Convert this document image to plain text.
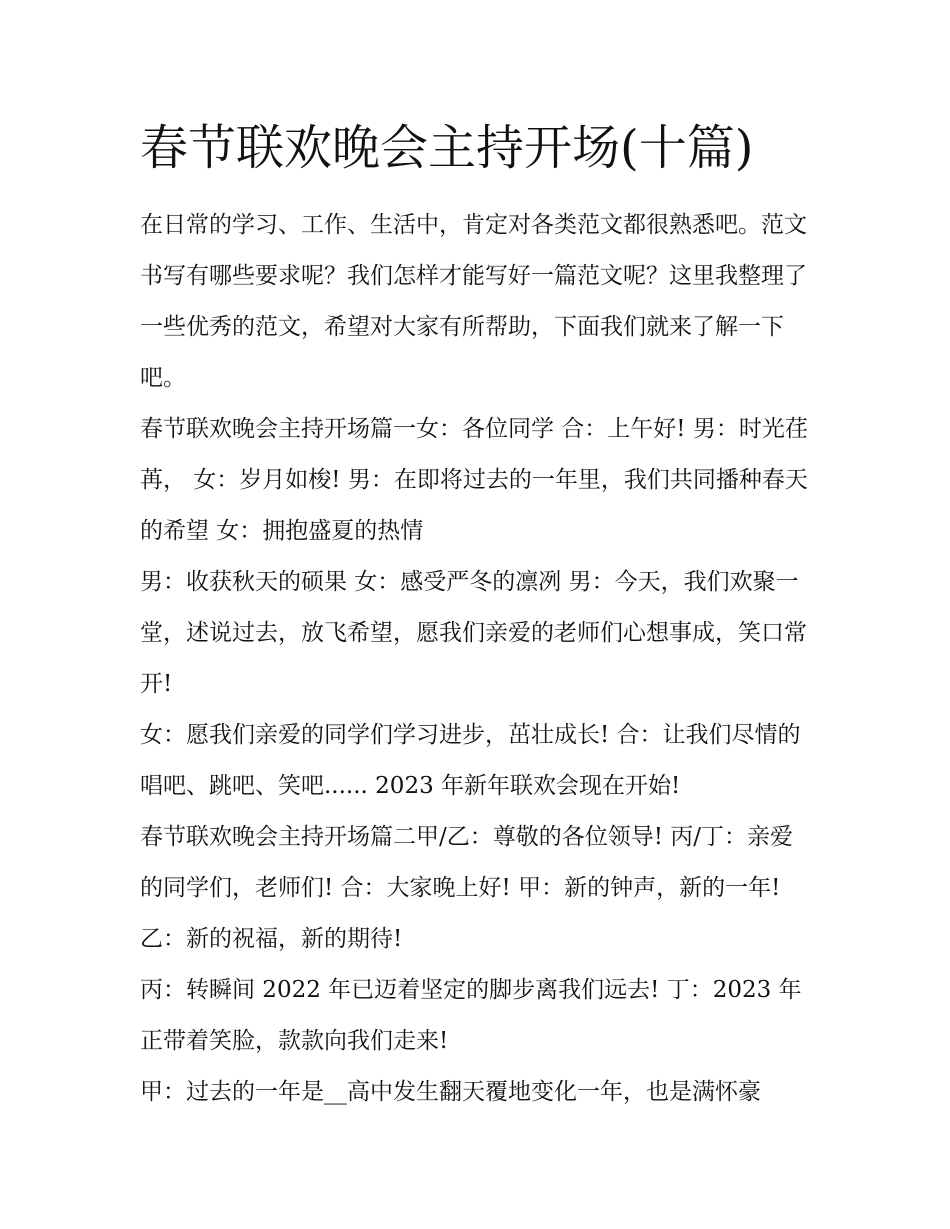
春节联欢晚会主持开场(十篇)

在日常的学习、工作、生活中，肯定对各类范文都很熟悉吧。范文书写有哪些要求呢？我们怎样才能写好一篇范文呢？这里我整理了一些优秀的范文，希望对大家有所帮助，下面我们就来了解一下吧。

春节联欢晚会主持开场篇一女：各位同学 合：上午好! 男：时光荏苒， 女：岁月如梭! 男：在即将过去的一年里，我们共同播种春天的希望 女：拥抱盛夏的热情

男：收获秋天的硕果 女：感受严冬的凛冽 男：今天，我们欢聚一堂，述说过去，放飞希望，愿我们亲爱的老师们心想事成，笑口常开!

女：愿我们亲爱的同学们学习进步，茁壮成长! 合：让我们尽情的唱吧、跳吧、笑吧...... 2023 年新年联欢会现在开始!

春节联欢晚会主持开场篇二甲/乙：尊敬的各位领导! 丙/丁：亲爱的同学们，老师们! 合：大家晚上好! 甲：新的钟声，新的一年! 乙：新的祝福，新的期待!

丙：转瞬间 2022 年已迈着坚定的脚步离我们远去! 丁：2023 年正带着笑脸，款款向我们走来!

甲：过去的一年是__高中发生翻天覆地变化一年，也是满怀豪
